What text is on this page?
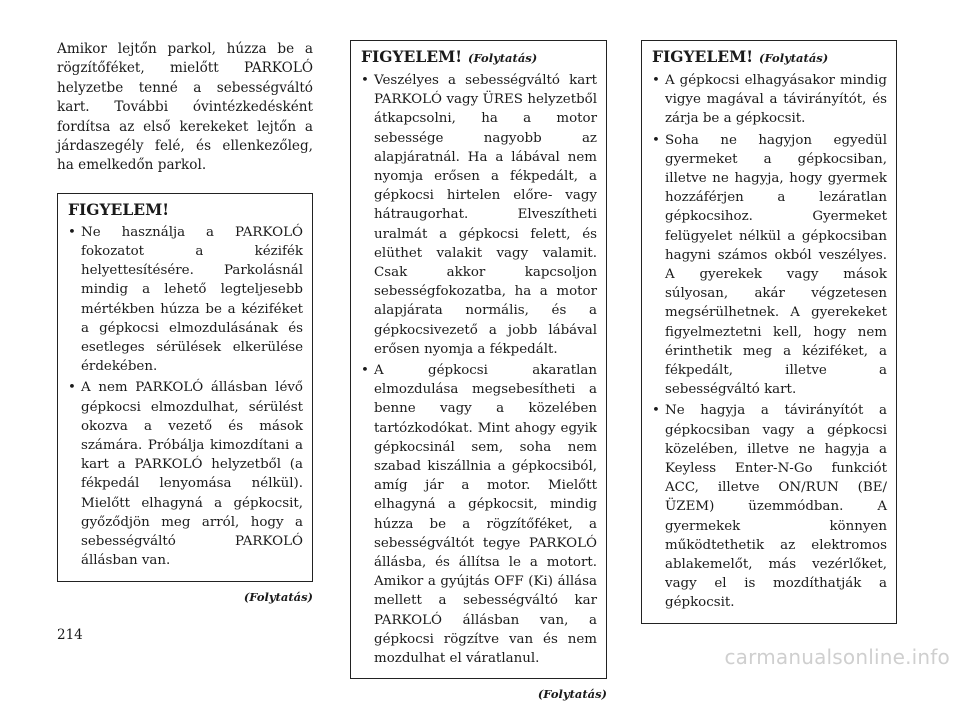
Amikor lejtőn parkol, húzza be a rögzítőféket, mielőtt PARKOLÓ helyzetbe tenné a sebességváltó kart. További óvintézkedésként fordítsa az első kerekeket lejtőn a járdaszegély felé, és ellenkezőleg, ha emelkedőn parkol.

FIGYELEM!
• Ne használja a PARKOLÓ fokozatot a kézifék helyettesítésére. Parkolásnál mindig a lehető legteljesebb mértékben húzza be a kéziféket a gépkocsi elmozdulásának és esetleges sérülések elkerülése érdekében.
• A nem PARKOLÓ állásban lévő gépkocsi elmozdulhat, sérülést okozva a vezető és mások számára. Próbálja kimozdítani a kart a PARKOLÓ helyzetből (a fékpedál lenyomása nélkül). Mielőtt elhagyná a gépkocsit, győződjön meg arról, hogy a sebességváltó PARKOLÓ állásban van.
(Folytatás)
FIGYELEM! (Folytatás)
• Veszélyes a sebességváltó kart PARKOLÓ vagy ÜRES helyzetből átkapcsolni, ha a motor sebessége nagyobb az alapjáratnál. Ha a lábával nem nyomja erősen a fékpedált, a gépkocsi hirtelen előre- vagy hátraugorhat. Elveszítheti uralmát a gépkocsi felett, és elüthet valakit vagy valamit. Csak akkor kapcsoljon sebességfokozatba, ha a motor alapjárata normális, és a gépkocsivezető a jobb lábával erősen nyomja a fékpedált.
• A gépkocsi akaratlan elmozdulása megsebesítheti a benne vagy a közelében tartózkodókat. Mint ahogy egyik gépkocsinál sem, soha nem szabad kiszállnia a gépkocsiból, amíg jár a motor. Mielőtt elhagyná a gépkocsit, mindig húzza be a rögzítőféket, a sebességváltót tegye PARKOLÓ állásba, és állítsa le a motort. Amikor a gyújtás OFF (Ki) állása mellett a sebességváltó kar PARKOLÓ állásban van, a gépkocsi rögzítve van és nem mozdulhat el váratlanul.
(Folytatás)
FIGYELEM! (Folytatás)
• A gépkocsi elhagyásakor mindig vigye magával a távirányítót, és zárja be a gépkocsit.
• Soha ne hagyjon egyedül gyermeket a gépkocsiban, illetve ne hagyja, hogy gyermek hozzáférjen a lezáratlan gépkocsihoz. Gyermeket felügyelet nélkül a gépkocsiban hagyni számos okból veszélyes. A gyerekek vagy mások súlyosan, akár végzetesen megsérülhetnek. A gyerekeket figyelmeztetni kell, hogy nem érinthetik meg a kéziféket, a fékpedált, illetve a sebességváltó kart.
• Ne hagyja a távirányítót a gépkocsiban vagy a gépkocsi közelében, illetve ne hagyja a Keyless Enter-N-Go funkciót ACC, illetve ON/RUN (BE/ÜZEM) üzemmódban. A gyermekek könnyen működtethetik az elektromos ablakemelőt, más vezérlőket, vagy el is mozdíthatják a gépkocsit.
214
carmanualsonline.info
